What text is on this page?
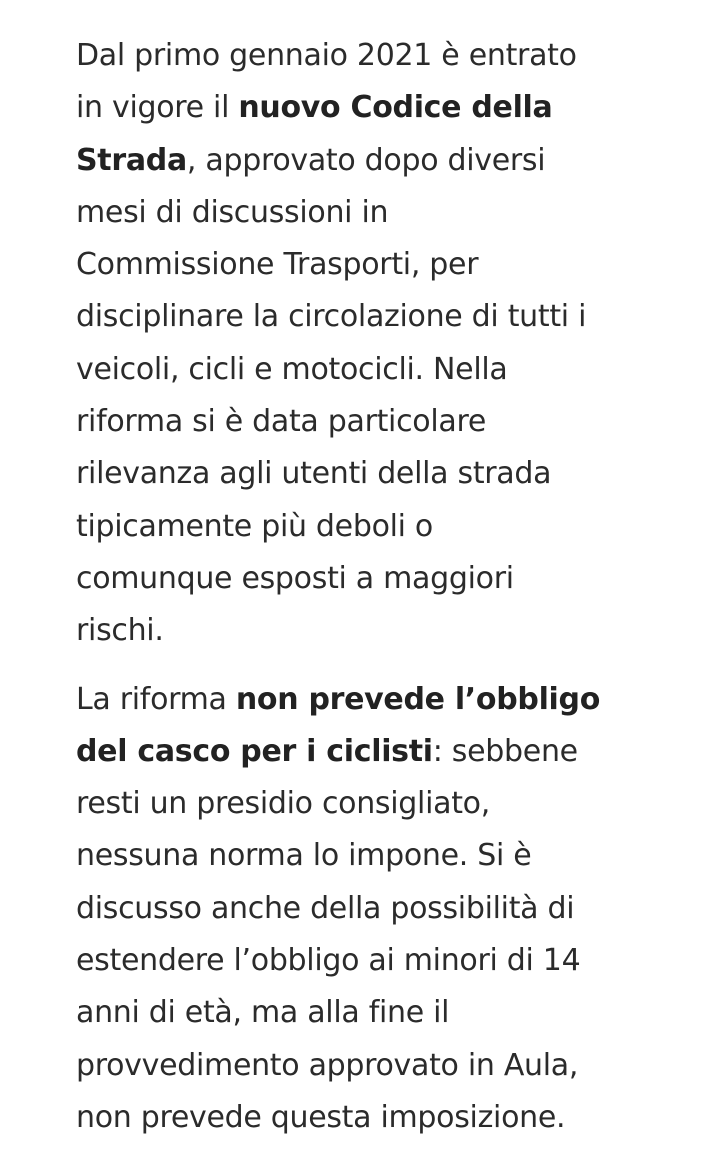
Dal primo gennaio 2021 è entrato
in vigore il nuovo Codice della
Strada, approvato dopo diversi
mesi di discussioni in
Commissione Trasporti, per
disciplinare la circolazione di tutti i
veicoli, cicli e motocicli. Nella
riforma si è data particolare
rilevanza agli utenti della strada
tipicamente più deboli o
comunque esposti a maggiori
rischi.

La riforma non prevede l’obbligo
del casco per i ciclisti: sebbene
resti un presidio consigliato,
nessuna norma lo impone. Si è
discusso anche della possibilità di
estendere l’obbligo ai minori di 14
anni di età, ma alla fine il
provvedimento approvato in Aula,
non prevede questa imposizione.
